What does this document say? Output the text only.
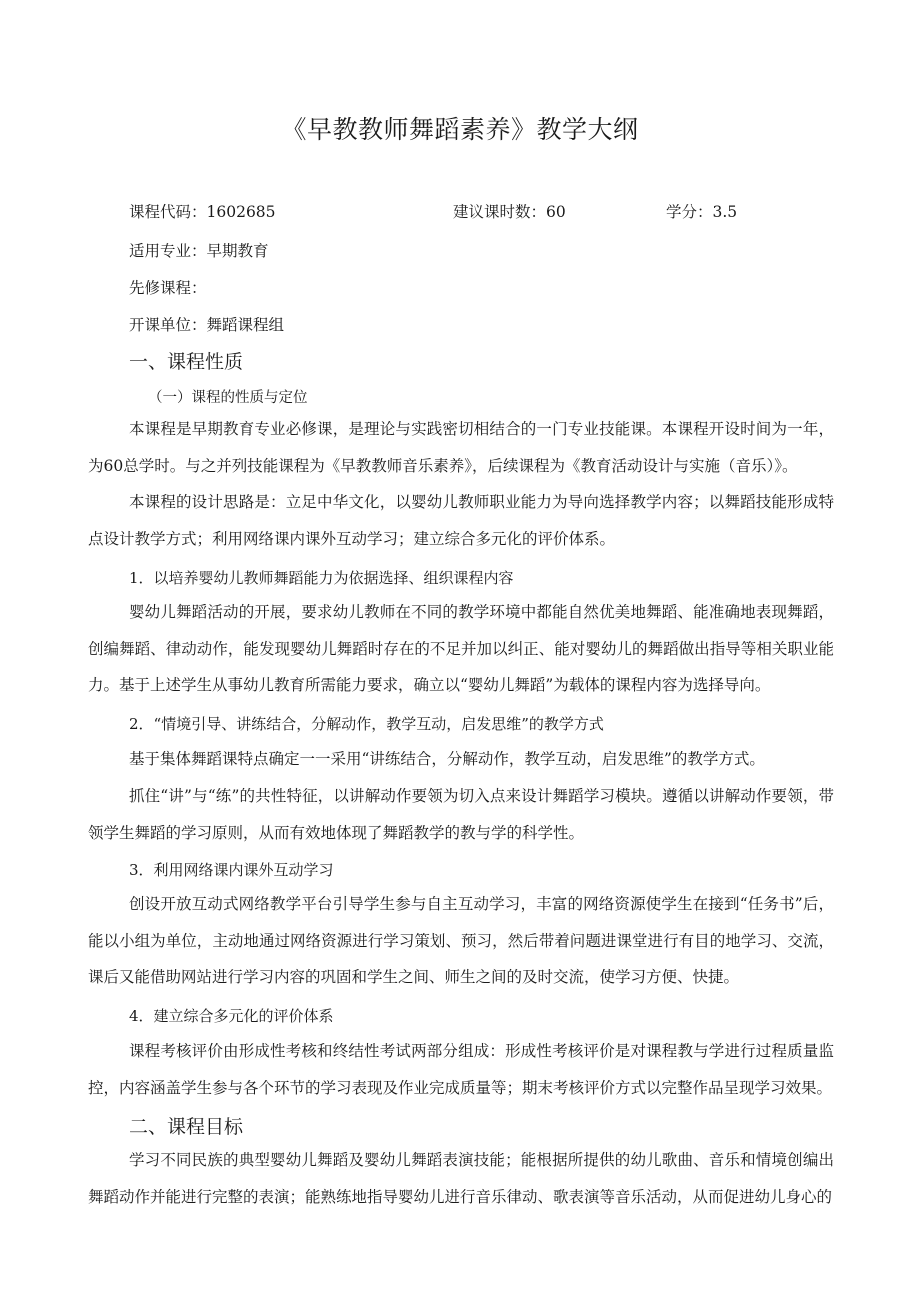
《早教教师舞蹈素养》教学大纲
课程代码：1602685	建议课时数：60	学分：3.5
适用专业：早期教育
先修课程：
开课单位：舞蹈课程组
一、课程性质
（一）课程的性质与定位

本课程是早期教育专业必修课，是理论与实践密切相结合的一门专业技能课。本课程开设时间为一年，为60总学时。与之并列技能课程为《早教教师音乐素养》，后续课程为《教育活动设计与实施（音乐）》。

本课程的设计思路是：立足中华文化，以婴幼儿教师职业能力为导向选择教学内容；以舞蹈技能形成特点设计教学方式；利用网络课内课外互动学习；建立综合多元化的评价体系。

1．以培养婴幼儿教师舞蹈能力为依据选择、组织课程内容

婴幼儿舞蹈活动的开展，要求幼儿教师在不同的教学环境中都能自然优美地舞蹈、能准确地表现舞蹈，创编舞蹈、律动动作，能发现婴幼儿舞蹈时存在的不足并加以纠正、能对婴幼儿的舞蹈做出指导等相关职业能力。基于上述学生从事幼儿教育所需能力要求，确立以“婴幼儿舞蹈”为载体的课程内容为选择导向。

2．“情境引导、讲练结合，分解动作，教学互动，启发思维”的教学方式

基于集体舞蹈课特点确定一一采用“讲练结合，分解动作，教学互动，启发思维”的教学方式。

抓住“讲”与“练”的共性特征，以讲解动作要领为切入点来设计舞蹈学习模块。遵循以讲解动作要领，带领学生舞蹈的学习原则，从而有效地体现了舞蹈教学的教与学的科学性。

3．利用网络课内课外互动学习

创设开放互动式网络教学平台引导学生参与自主互动学习，丰富的网络资源使学生在接到“任务书”后，能以小组为单位，主动地通过网络资源进行学习策划、预习，然后带着问题进课堂进行有目的地学习、交流，课后又能借助网站进行学习内容的巩固和学生之间、师生之间的及时交流，使学习方便、快捷。

4．建立综合多元化的评价体系

课程考核评价由形成性考核和终结性考试两部分组成：形成性考核评价是对课程教与学进行过程质量监控，内容涵盖学生参与各个环节的学习表现及作业完成质量等；期末考核评价方式以完整作品呈现学习效果。

二、课程目标

学习不同民族的典型婴幼儿舞蹈及婴幼儿舞蹈表演技能；能根据所提供的幼儿歌曲、音乐和情境创编出舞蹈动作并能进行完整的表演；能熟练地指导婴幼儿进行音乐律动、歌表演等音乐活动，从而促进幼儿身心的
